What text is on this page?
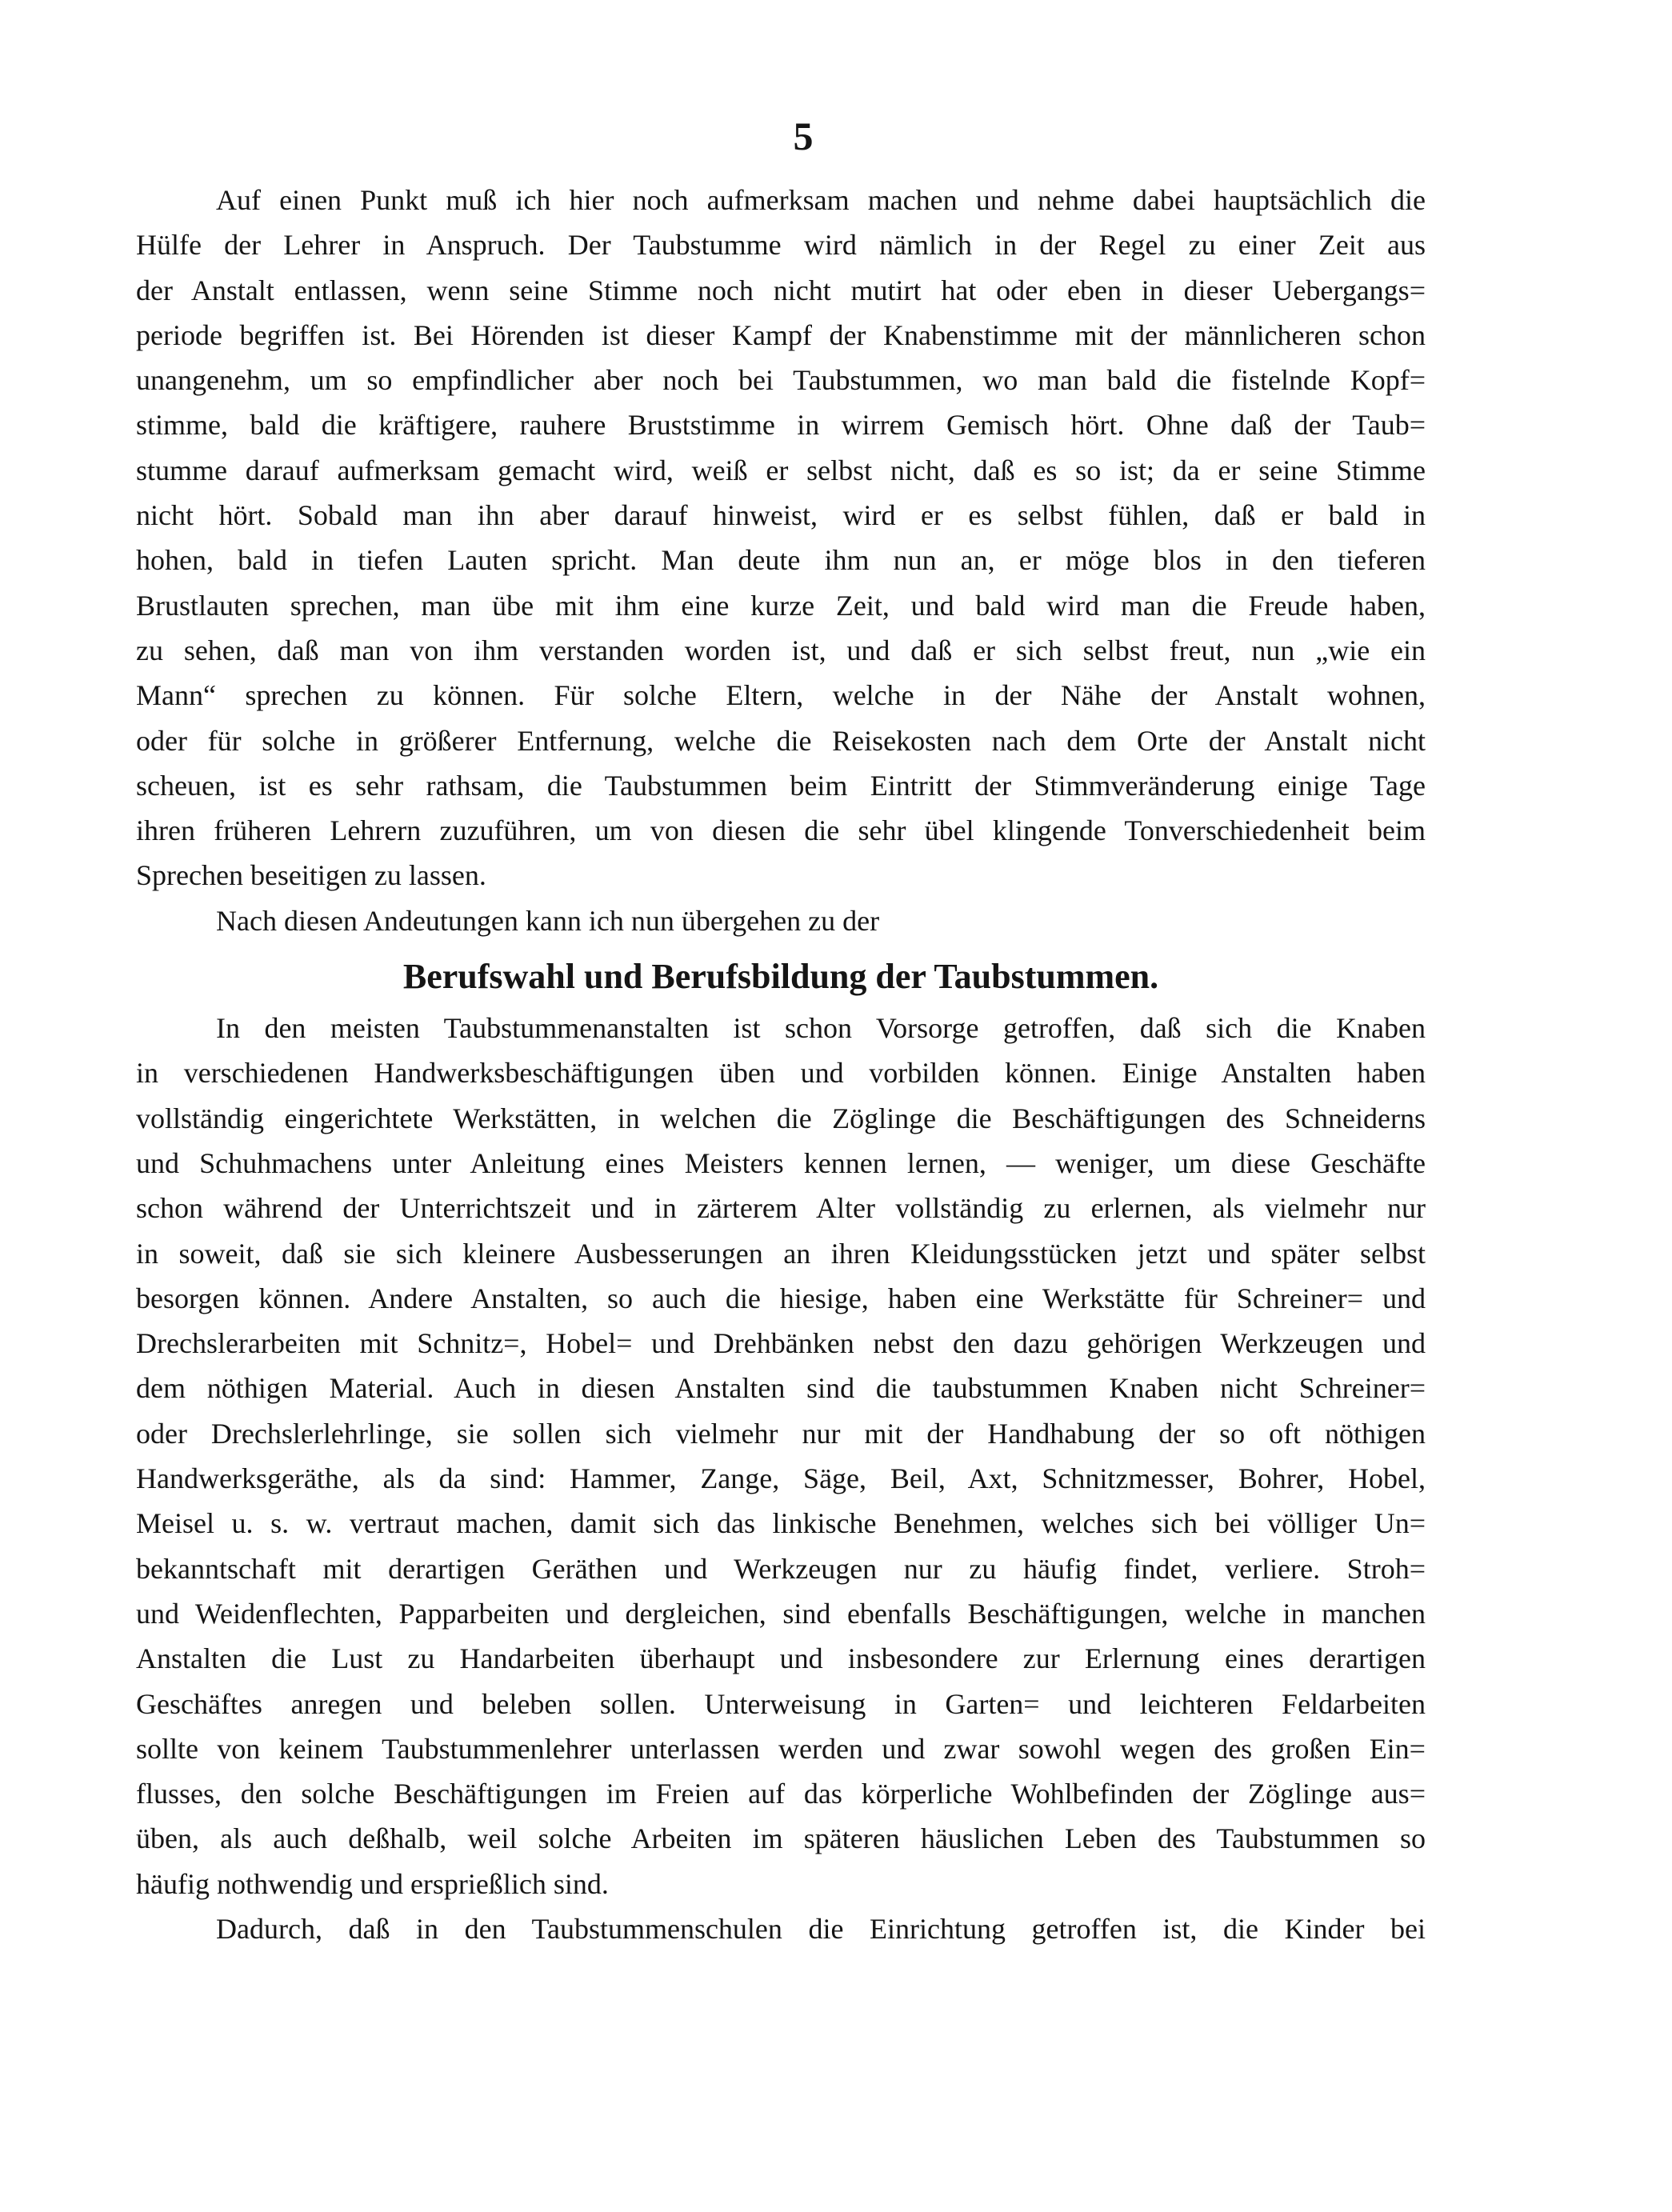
5
Auf einen Punkt muß ich hier noch aufmerksam machen und nehme dabei hauptsächlich die
Hülfe der Lehrer in Anspruch. Der Taubstumme wird nämlich in der Regel zu einer Zeit aus
der Anstalt entlassen, wenn seine Stimme noch nicht mutirt hat oder eben in dieser Uebergangs=
periode begriffen ist. Bei Hörenden ist dieser Kampf der Knabenstimme mit der männlicheren schon
unangenehm, um so empfindlicher aber noch bei Taubstummen, wo man bald die fistelnde Kopf=
stimme, bald die kräftigere, rauhere Bruststimme in wirrem Gemisch hört. Ohne daß der Taub=
stumme darauf aufmerksam gemacht wird, weiß er selbst nicht, daß es so ist; da er seine Stimme
nicht hört. Sobald man ihn aber darauf hinweist, wird er es selbst fühlen, daß er bald in
hohen, bald in tiefen Lauten spricht. Man deute ihm nun an, er möge blos in den tieferen
Brustlauten sprechen, man übe mit ihm eine kurze Zeit, und bald wird man die Freude haben,
zu sehen, daß man von ihm verstanden worden ist, und daß er sich selbst freut, nun „wie ein
Mann“ sprechen zu können. Für solche Eltern, welche in der Nähe der Anstalt wohnen,
oder für solche in größerer Entfernung, welche die Reisekosten nach dem Orte der Anstalt nicht
scheuen, ist es sehr rathsam, die Taubstummen beim Eintritt der Stimmveränderung einige Tage
ihren früheren Lehrern zuzuführen, um von diesen die sehr übel klingende Tonverschiedenheit beim
Sprechen beseitigen zu lassen.
Nach diesen Andeutungen kann ich nun übergehen zu der
Berufswahl und Berufsbildung der Taubstummen.
In den meisten Taubstummenanstalten ist schon Vorsorge getroffen, daß sich die Knaben
in verschiedenen Handwerksbeschäftigungen üben und vorbilden können. Einige Anstalten haben
vollständig eingerichtete Werkstätten, in welchen die Zöglinge die Beschäftigungen des Schneiderns
und Schuhmachens unter Anleitung eines Meisters kennen lernen, — weniger, um diese Geschäfte
schon während der Unterrichtszeit und in zärterem Alter vollständig zu erlernen, als vielmehr nur
in soweit, daß sie sich kleinere Ausbesserungen an ihren Kleidungsstücken jetzt und später selbst
besorgen können. Andere Anstalten, so auch die hiesige, haben eine Werkstätte für Schreiner= und
Drechslerarbeiten mit Schnitz=, Hobel= und Drehbänken nebst den dazu gehörigen Werkzeugen und
dem nöthigen Material. Auch in diesen Anstalten sind die taubstummen Knaben nicht Schreiner=
oder Drechslerlehrlinge, sie sollen sich vielmehr nur mit der Handhabung der so oft nöthigen
Handwerksgeräthe, als da sind: Hammer, Zange, Säge, Beil, Axt, Schnitzmesser, Bohrer, Hobel,
Meisel u. s. w. vertraut machen, damit sich das linkische Benehmen, welches sich bei völliger Un=
bekanntschaft mit derartigen Geräthen und Werkzeugen nur zu häufig findet, verliere. Stroh=
und Weidenflechten, Papparbeiten und dergleichen, sind ebenfalls Beschäftigungen, welche in manchen
Anstalten die Lust zu Handarbeiten überhaupt und insbesondere zur Erlernung eines derartigen
Geschäftes anregen und beleben sollen. Unterweisung in Garten= und leichteren Feldarbeiten
sollte von keinem Taubstummenlehrer unterlassen werden und zwar sowohl wegen des großen Ein=
flusses, den solche Beschäftigungen im Freien auf das körperliche Wohlbefinden der Zöglinge aus=
üben, als auch deßhalb, weil solche Arbeiten im späteren häuslichen Leben des Taubstummen so
häufig nothwendig und ersprießlich sind.
Dadurch, daß in den Taubstummenschulen die Einrichtung getroffen ist, die Kinder bei
